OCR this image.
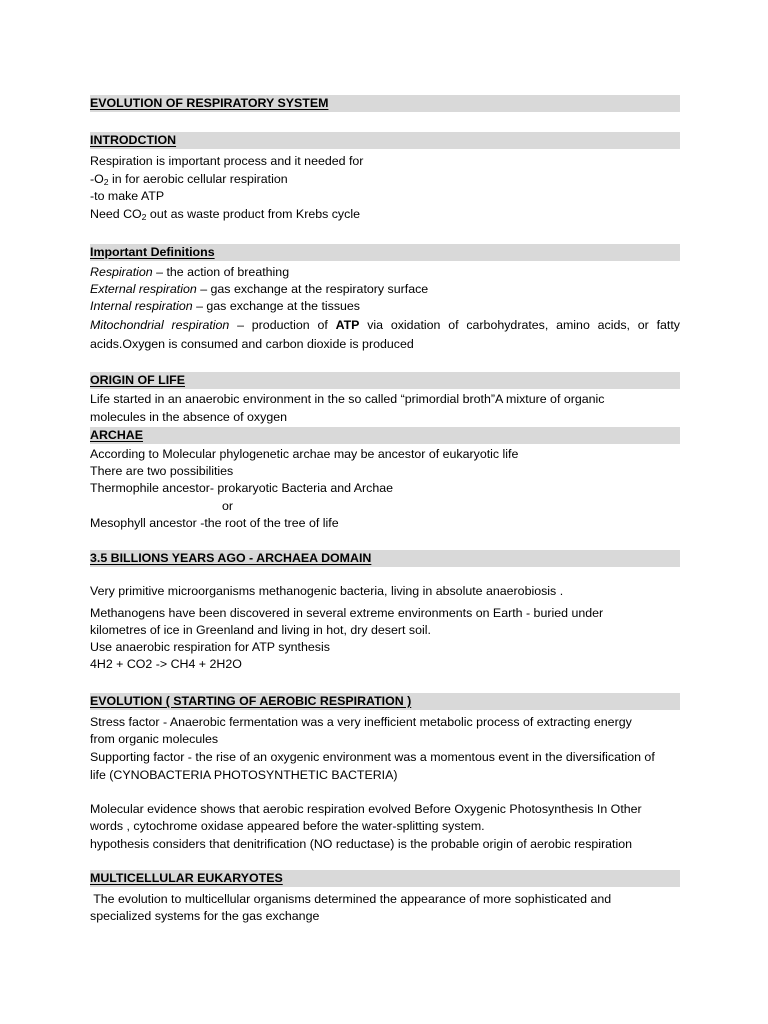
EVOLUTION OF RESPIRATORY SYSTEM
INTRODCTION
Respiration is important process and it needed for
$-O_2$ in for aerobic cellular respiration
-to make ATP
Need $CO_2$ out as waste product from Krebs cycle
Important Definitions
Respiration – the action of breathing
External respiration – gas exchange at the respiratory surface
Internal respiration – gas exchange at the tissues
Mitochondrial respiration – production of ATP via oxidation of carbohydrates, amino acids, or fatty
acids.Oxygen is consumed and carbon dioxide is produced
ORIGIN OF LIFE
Life started in an anaerobic environment in the so called “primordial broth”A mixture of organic
molecules in the absence of oxygen
ARCHAE
According to Molecular phylogenetic archae may be ancestor of eukaryotic life
There are two possibilities
Thermophile ancestor- prokaryotic Bacteria and Archae
or
Mesophyll ancestor -the root of the tree of life
3.5 BILLIONS YEARS AGO - ARCHAEA DOMAIN
Very primitive microorganisms methanogenic bacteria, living in absolute anaerobiosis .
Methanogens have been discovered in several extreme environments on Earth - buried under
kilometres of ice in Greenland and living in hot, dry desert soil.
Use anaerobic respiration for ATP synthesis
4H2 + CO2 -> CH4 + 2H2O
EVOLUTION ( STARTING OF AEROBIC RESPIRATION )
Stress factor - Anaerobic fermentation was a very inefficient metabolic process of extracting energy
from organic molecules
Supporting factor - the rise of an oxygenic environment was a momentous event in the diversification of
life (CYNOBACTERIA PHOTOSYNTHETIC BACTERIA)
Molecular evidence shows that aerobic respiration evolved Before Oxygenic Photosynthesis In Other
words , cytochrome oxidase appeared before the water-splitting system.
hypothesis considers that denitrification (NO reductase) is the probable origin of aerobic respiration
MULTICELLULAR EUKARYOTES
The evolution to multicellular organisms determined the appearance of more sophisticated and
specialized systems for the gas exchange
